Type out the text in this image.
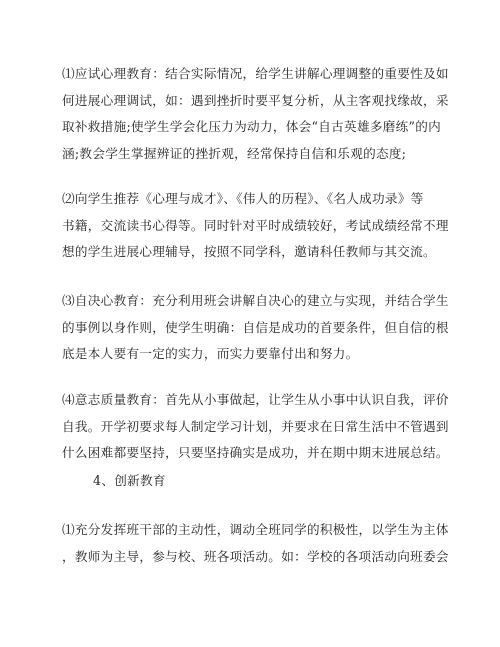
⑴应试心理教育：结合实际情况，给学生讲解心理调整的重要性及如
何进展心理调试，如：遇到挫折时要平复分析，从主客观找缘故，采
取补救措施;使学生学会化压力为动力，体会“自古英雄多磨练”的内
涵;教会学生掌握辨证的挫折观，经常保持自信和乐观的态度;
⑵向学生推荐《心理与成才》、《伟人的历程》、《名人成功录》等
书籍，交流读书心得等。同时针对平时成绩较好，考试成绩经常不理
想的学生进展心理辅导，按照不同学科，邀请科任教师与其交流。
⑶自决心教育：充分利用班会讲解自决心的建立与实现，并结合学生
的事例以身作则，使学生明确：自信是成功的首要条件，但自信的根
底是本人要有一定的实力，而实力要靠付出和努力。
⑷意志质量教育：首先从小事做起，让学生从小事中认识自我，评价
自我。开学初要求每人制定学习计划，并要求在日常生活中不管遇到
什么困难都要坚持，只要坚持确实是成功，并在期中期末进展总结。
4、创新教育
⑴充分发挥班干部的主动性，调动全班同学的积极性，以学生为主体
，教师为主导，参与校、班各项活动。如：学校的各项活动向班委会
